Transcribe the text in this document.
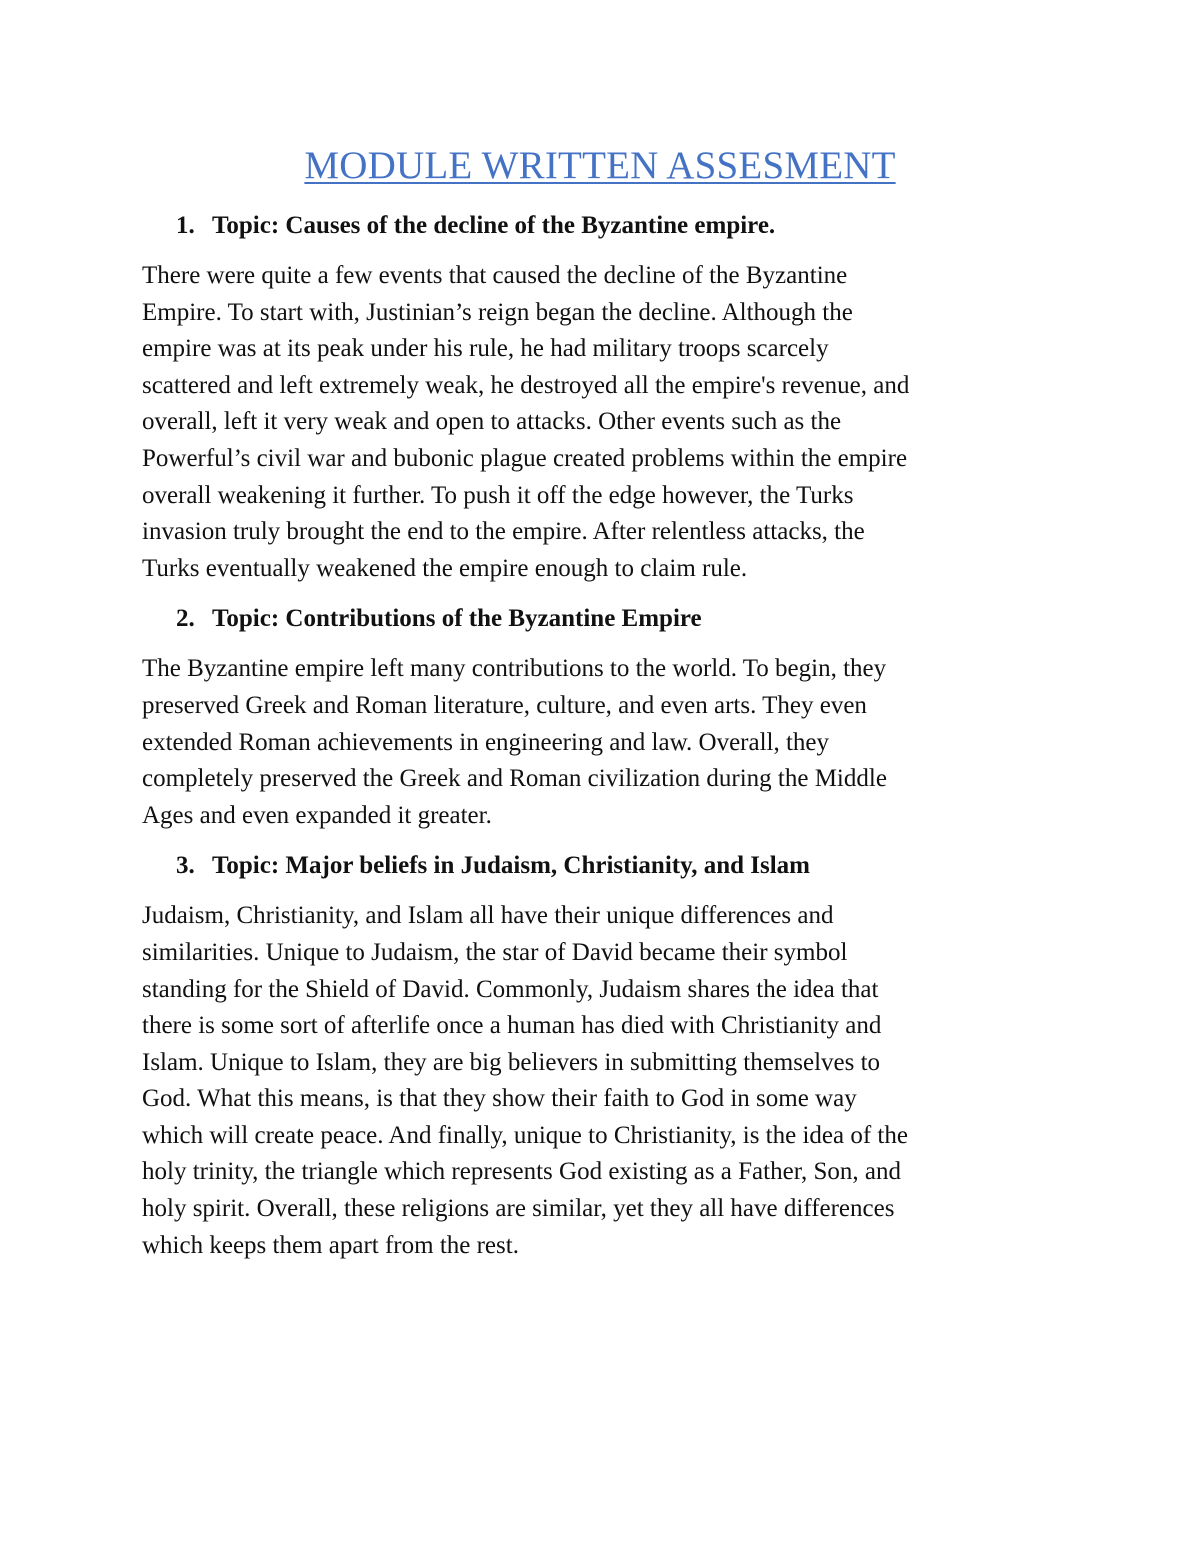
MODULE WRITTEN ASSESMENT
1. Topic: Causes of the decline of the Byzantine empire.
There were quite a few events that caused the decline of the Byzantine
Empire. To start with, Justinian’s reign began the decline. Although the
empire was at its peak under his rule, he had military troops scarcely
scattered and left extremely weak, he destroyed all the empire's revenue, and
overall, left it very weak and open to attacks. Other events such as the
Powerful’s civil war and bubonic plague created problems within the empire
overall weakening it further. To push it off the edge however, the Turks
invasion truly brought the end to the empire. After relentless attacks, the
Turks eventually weakened the empire enough to claim rule.
2. Topic: Contributions of the Byzantine Empire
The Byzantine empire left many contributions to the world. To begin, they
preserved Greek and Roman literature, culture, and even arts. They even
extended Roman achievements in engineering and law. Overall, they
completely preserved the Greek and Roman civilization during the Middle
Ages and even expanded it greater.
3. Topic: Major beliefs in Judaism, Christianity, and Islam
Judaism, Christianity, and Islam all have their unique differences and
similarities. Unique to Judaism, the star of David became their symbol
standing for the Shield of David. Commonly, Judaism shares the idea that
there is some sort of afterlife once a human has died with Christianity and
Islam. Unique to Islam, they are big believers in submitting themselves to
God. What this means, is that they show their faith to God in some way
which will create peace. And finally, unique to Christianity, is the idea of the
holy trinity, the triangle which represents God existing as a Father, Son, and
holy spirit. Overall, these religions are similar, yet they all have differences
which keeps them apart from the rest.
